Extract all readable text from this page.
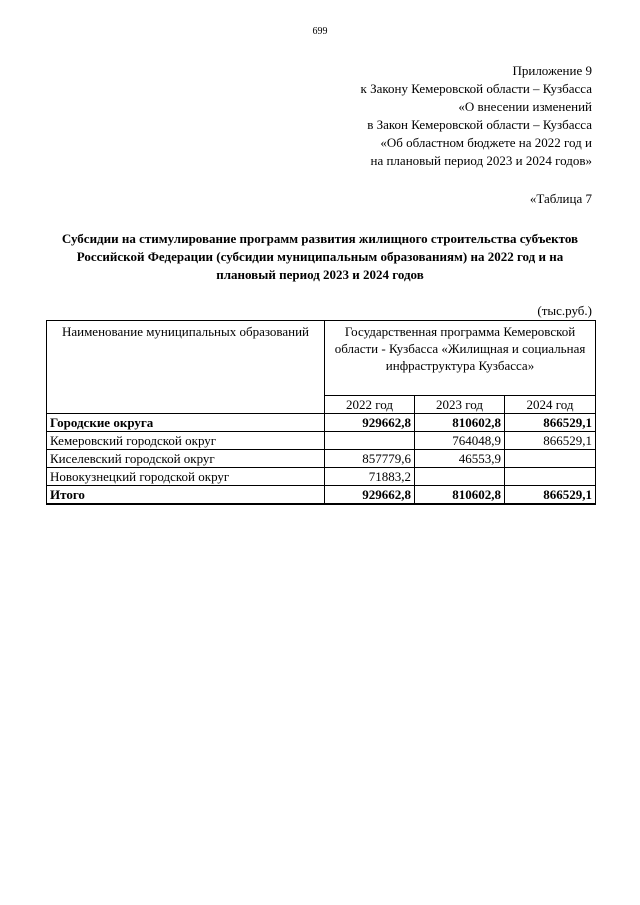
699
Приложение 9
к Закону Кемеровской области – Кузбасса
«О внесении изменений
в Закон Кемеровской области – Кузбасса
«Об областном бюджете на 2022 год и
на плановый период 2023 и 2024 годов»
«Таблица 7
Субсидии на стимулирование программ развития жилищного строительства субъектов Российской Федерации (субсидии муниципальным образованиям) на 2022 год и на плановый период 2023 и 2024 годов
(тыс.руб.)
Наименование муниципальных образований	Государственная программа Кемеровской области - Кузбасса «Жилищная и социальная инфраструктура Кузбасса»		
	2022 год	2023 год	2024 год
Городские округа	929662,8	810602,8	866529,1
Кемеровский городской округ		764048,9	866529,1
Киселевский городской округ	857779,6	46553,9	
Новокузнецкий городской округ	71883,2		
Итого	929662,8	810602,8	866529,1
